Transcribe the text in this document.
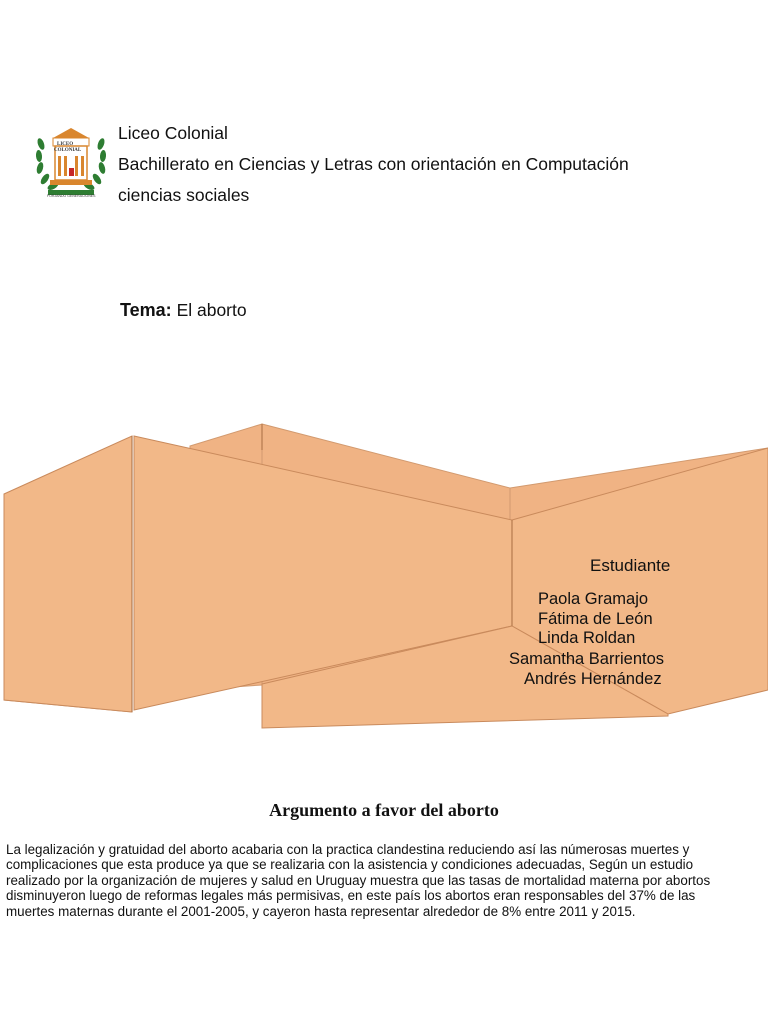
LICEO
COLONIAL
FORJANDO GENERACIONES
Liceo Colonial
Bachillerato en Ciencias y Letras con orientación en Computación
ciencias sociales
Tema: El aborto
Estudiante
Paola Gramajo
Fátima de León
Linda Roldan
Samantha Barrientos
Andrés Hernández
Argumento a favor del aborto
La legalización y gratuidad del aborto acabaria con la practica clandestina reduciendo así las númerosas muertes y
complicaciones que esta produce ya que se realizaria con la asistencia y condiciones adecuadas, Según un estudio
realizado por la organización de mujeres y salud en Uruguay muestra que las tasas de mortalidad materna por abortos
disminuyeron luego de reformas legales más permisivas, en este país los abortos eran responsables del 37% de las
muertes maternas durante el 2001-2005, y cayeron hasta representar alrededor de 8% entre 2011 y 2015.
